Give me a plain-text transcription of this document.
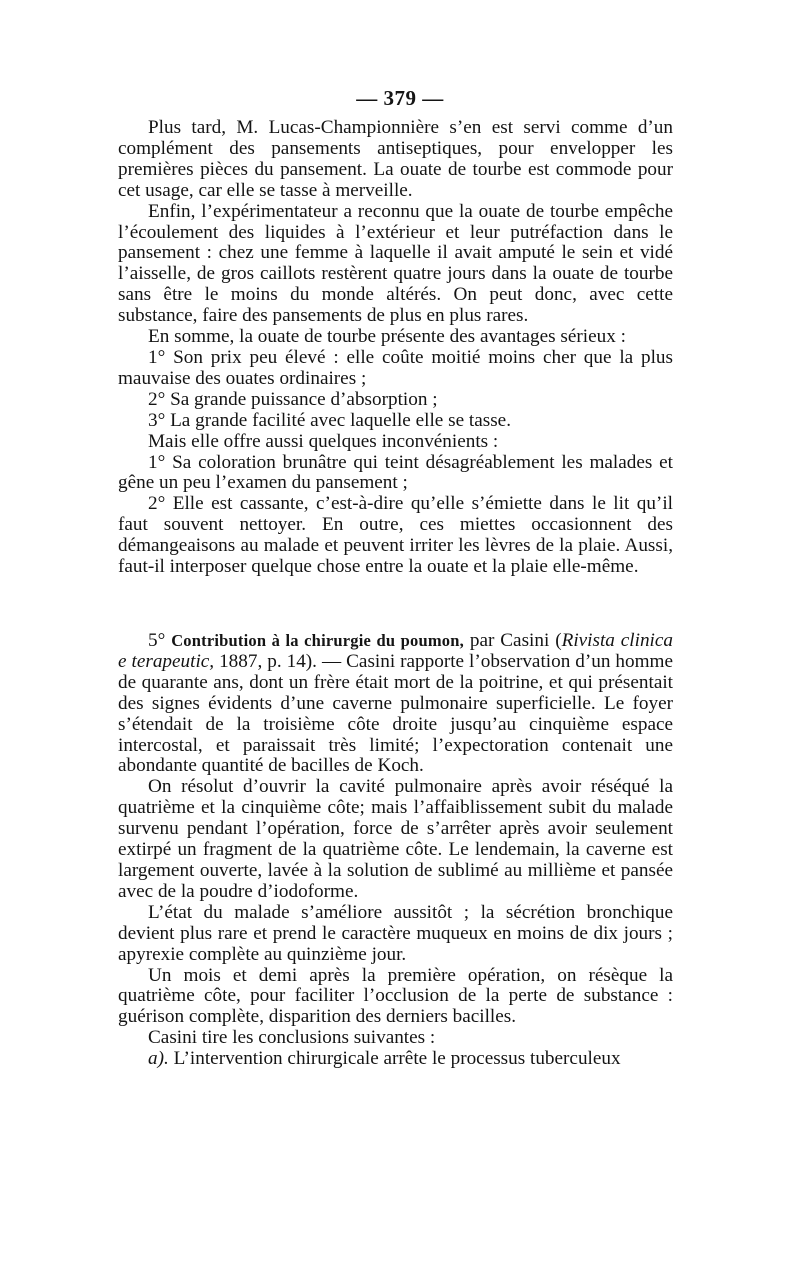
— 379 —

Plus tard, M. Lucas-Championnière s’en est servi comme d’un complément des pansements antiseptiques, pour envelopper les premières pièces du pansement. La ouate de tourbe est commode pour cet usage, car elle se tasse à merveille.

Enfin, l’expérimentateur a reconnu que la ouate de tourbe empêche l’écoulement des liquides à l’extérieur et leur putréfaction dans le pansement : chez une femme à laquelle il avait amputé le sein et vidé l’aisselle, de gros caillots restèrent quatre jours dans la ouate de tourbe sans être le moins du monde altérés. On peut donc, avec cette substance, faire des pansements de plus en plus rares.

En somme, la ouate de tourbe présente des avantages sérieux :

1° Son prix peu élevé : elle coûte moitié moins cher que la plus mauvaise des ouates ordinaires ;

2° Sa grande puissance d’absorption ;

3° La grande facilité avec laquelle elle se tasse.

Mais elle offre aussi quelques inconvénients :

1° Sa coloration brunâtre qui teint désagréablement les malades et gêne un peu l’examen du pansement ;

2° Elle est cassante, c’est-à-dire qu’elle s’émiette dans le lit qu’il faut souvent nettoyer. En outre, ces miettes occasionnent des démangeaisons au malade et peuvent irriter les lèvres de la plaie. Aussi, faut-il interposer quelque chose entre la ouate et la plaie elle-même.

5° Contribution à la chirurgie du poumon, par Casini (Rivista clinica e terapeutic, 1887, p. 14). — Casini rapporte l’observation d’un homme de quarante ans, dont un frère était mort de la poitrine, et qui présentait des signes évidents d’une caverne pulmonaire superficielle. Le foyer s’étendait de la troisième côte droite jusqu’au cinquième espace intercostal, et paraissait très limité; l’expectoration contenait une abondante quantité de bacilles de Koch.

On résolut d’ouvrir la cavité pulmonaire après avoir réséqué la quatrième et la cinquième côte; mais l’affaiblissement subit du malade survenu pendant l’opération, force de s’arrêter après avoir seulement extirpé un fragment de la quatrième côte. Le lendemain, la caverne est largement ouverte, lavée à la solution de sublimé au millième et pansée avec de la poudre d’iodoforme.

L’état du malade s’améliore aussitôt ; la sécrétion bronchique devient plus rare et prend le caractère muqueux en moins de dix jours ; apyrexie complète au quinzième jour.

Un mois et demi après la première opération, on résèque la quatrième côte, pour faciliter l’occlusion de la perte de substance : guérison complète, disparition des derniers bacilles.

Casini tire les conclusions suivantes :

a). L’intervention chirurgicale arrête le processus tuberculeux
